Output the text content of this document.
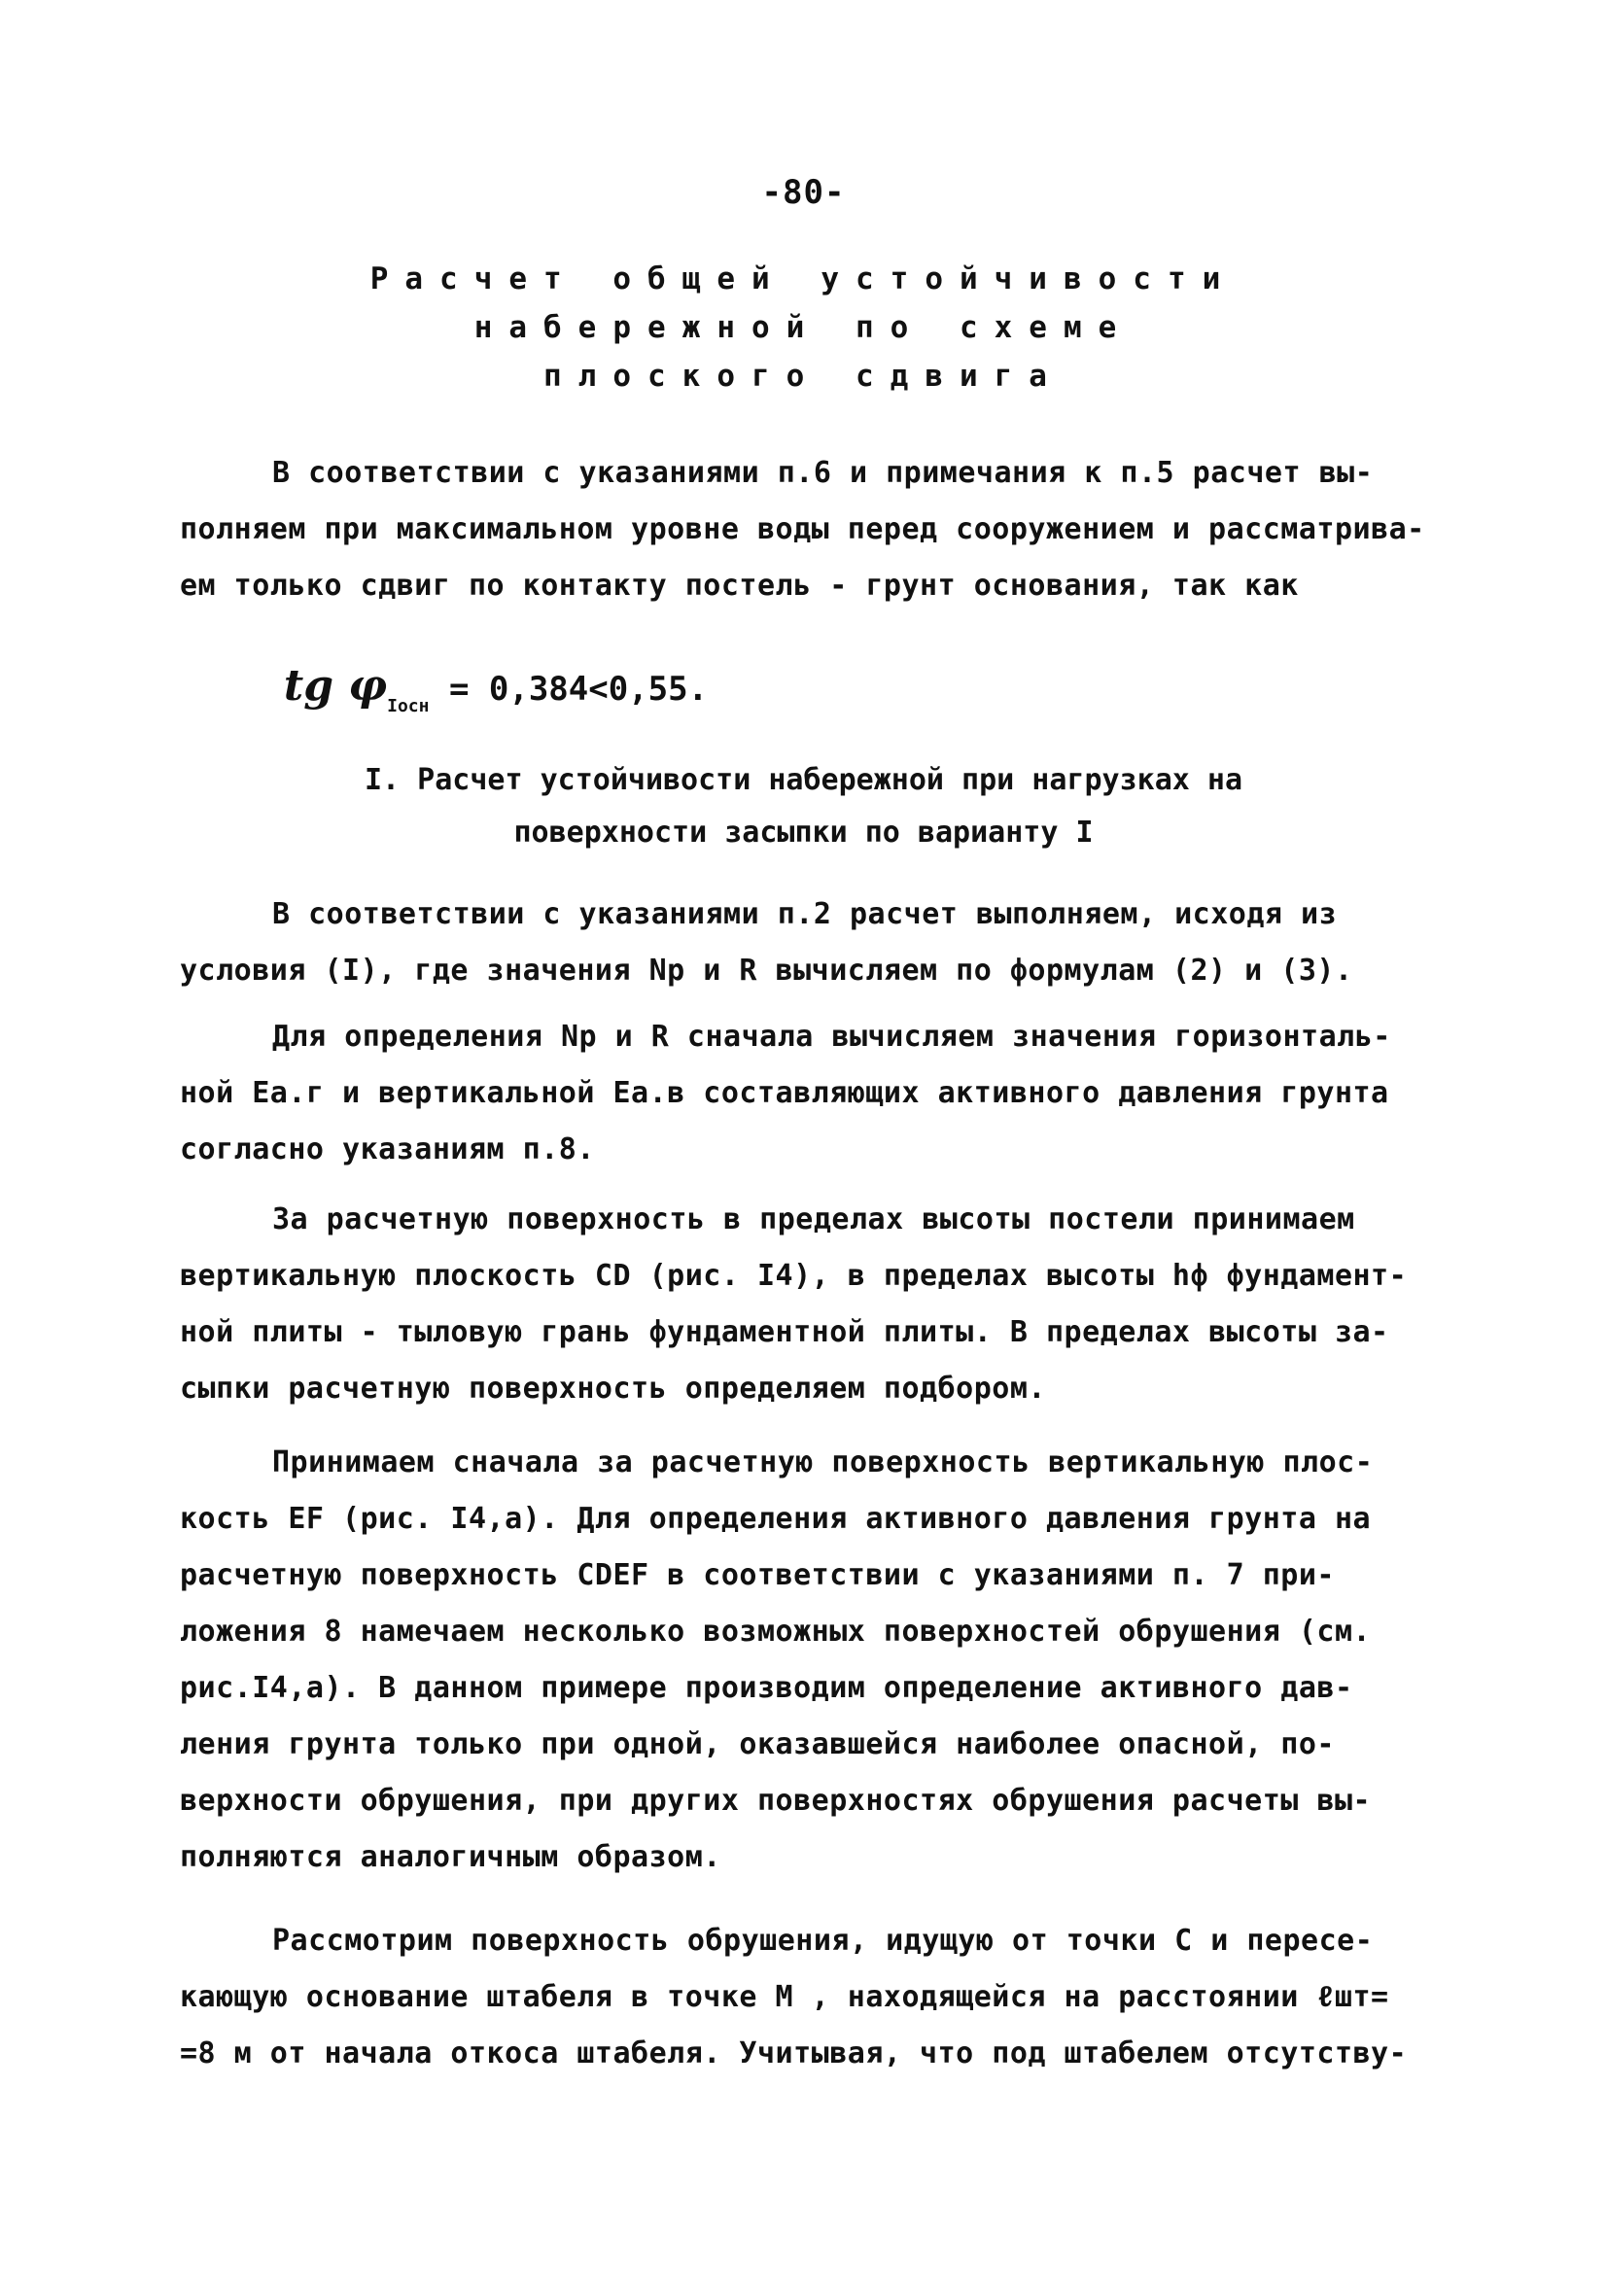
-80-
Расчет общей устойчивости
набережной по схеме
плоского сдвига
В соответствии с указаниями п.6 и примечания к п.5 расчет вы-
полняем при максимальном уровне воды перед сооружением и рассматрива-
ем только сдвиг по контакту постель - грунт основания, так как

tg $\varphi_{Iосн} = 0,384<0,55$.

I. Расчет устойчивости набережной при нагрузках на
поверхности засыпки по варианту I
В соответствии с указаниями п.2 расчет выполняем, исходя из
условия (I), где значения Nр и R вычисляем по формулам (2) и (3).
Для определения Nр и R сначала вычисляем значения горизонталь-
ной Еа.г и вертикальной Еа.в составляющих активного давления грунта
согласно указаниям п.8.
За расчетную поверхность в пределах высоты постели принимаем
вертикальную плоскость CD (рис. I4), в пределах высоты hф фундамент-
ной плиты - тыловую грань фундаментной плиты. В пределах высоты за-
сыпки расчетную поверхность определяем подбором.
Принимаем сначала за расчетную поверхность вертикальную плос-
кость EF (рис. I4,а). Для определения активного давления грунта на
расчетную поверхность CDEF в соответствии с указаниями п. 7 при-
ложения 8 намечаем несколько возможных поверхностей обрушения (см.
рис.I4,а). В данном примере производим определение активного дав-
ления грунта только при одной, оказавшейся наиболее опасной, по-
верхности обрушения, при других поверхностях обрушения расчеты вы-
полняются аналогичным образом.
Рассмотрим поверхность обрушения, идущую от точки С и пересе-
кающую основание штабеля в точке М , находящейся на расстоянии ℓшт=
=8 м от начала откоса штабеля. Учитывая, что под штабелем отсутству-
